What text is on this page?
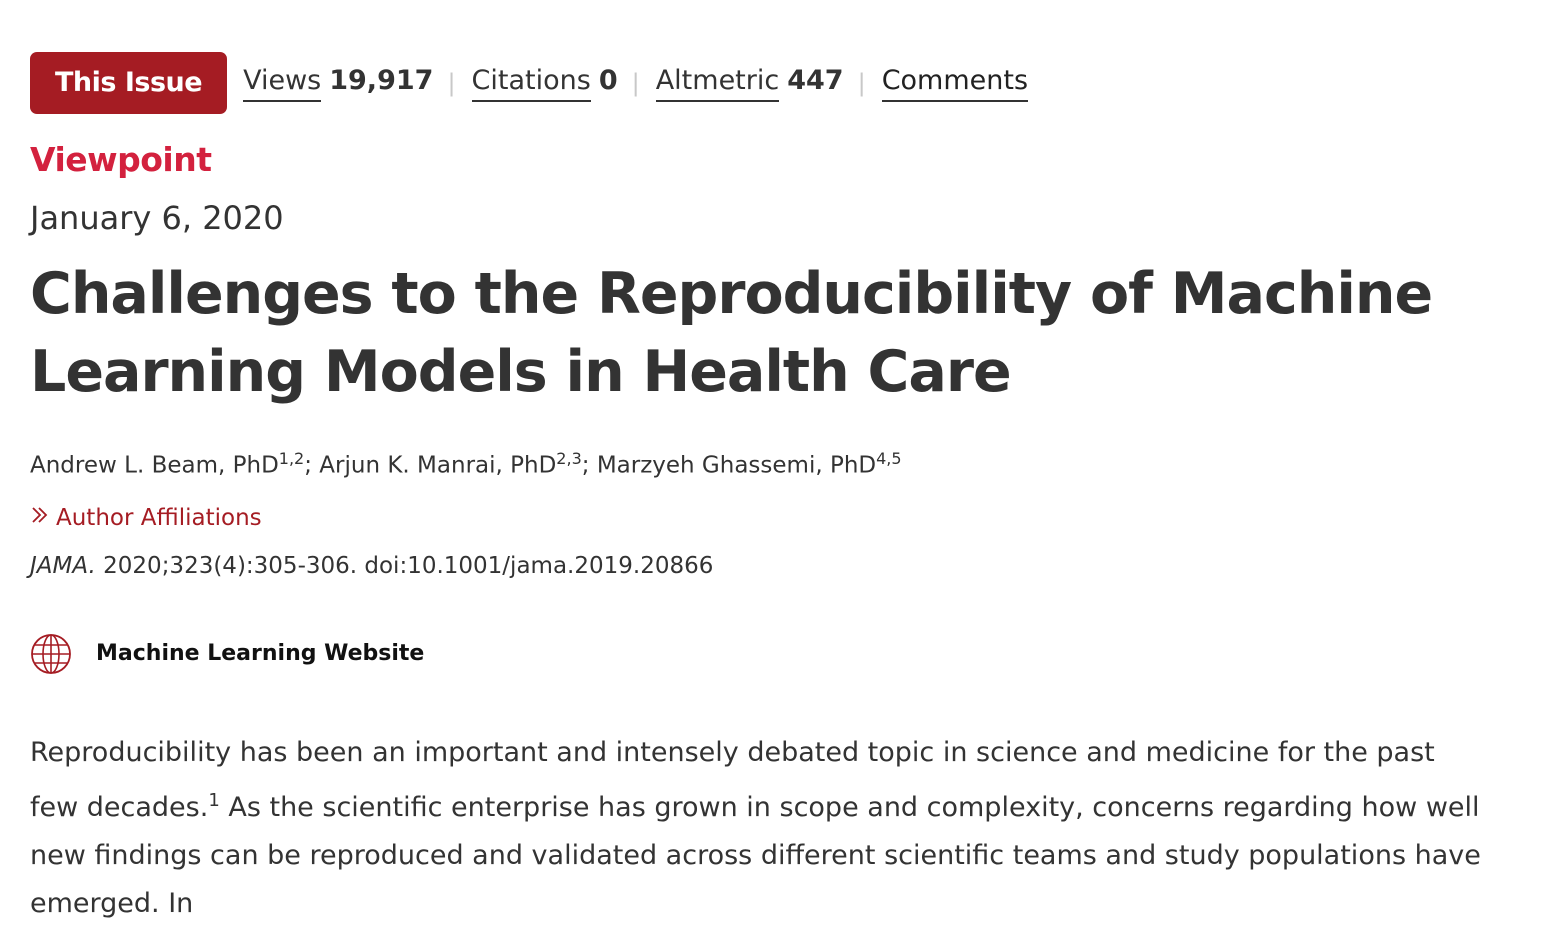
This Issue	Views 19,917 | Citations 0 | Altmetric 447 | Comments
Viewpoint
January 6, 2020
Challenges to the Reproducibility of Machine Learning Models in Health Care
Andrew L. Beam, PhD$^{1,2}$; Arjun K. Manrai, PhD$^{2,3}$; Marzyeh Ghassemi, PhD$^{4,5}$
Author Affiliations
JAMA. 2020;323(4):305-306. doi:10.1001/jama.2019.20866
Machine Learning Website

Reproducibility has been an important and intensely debated topic in science and medicine for the past few decades.$^1$ As the scientific enterprise has grown in scope and complexity, concerns regarding how well new findings can be reproduced and validated across different scientific teams and study populations have emerged. In
